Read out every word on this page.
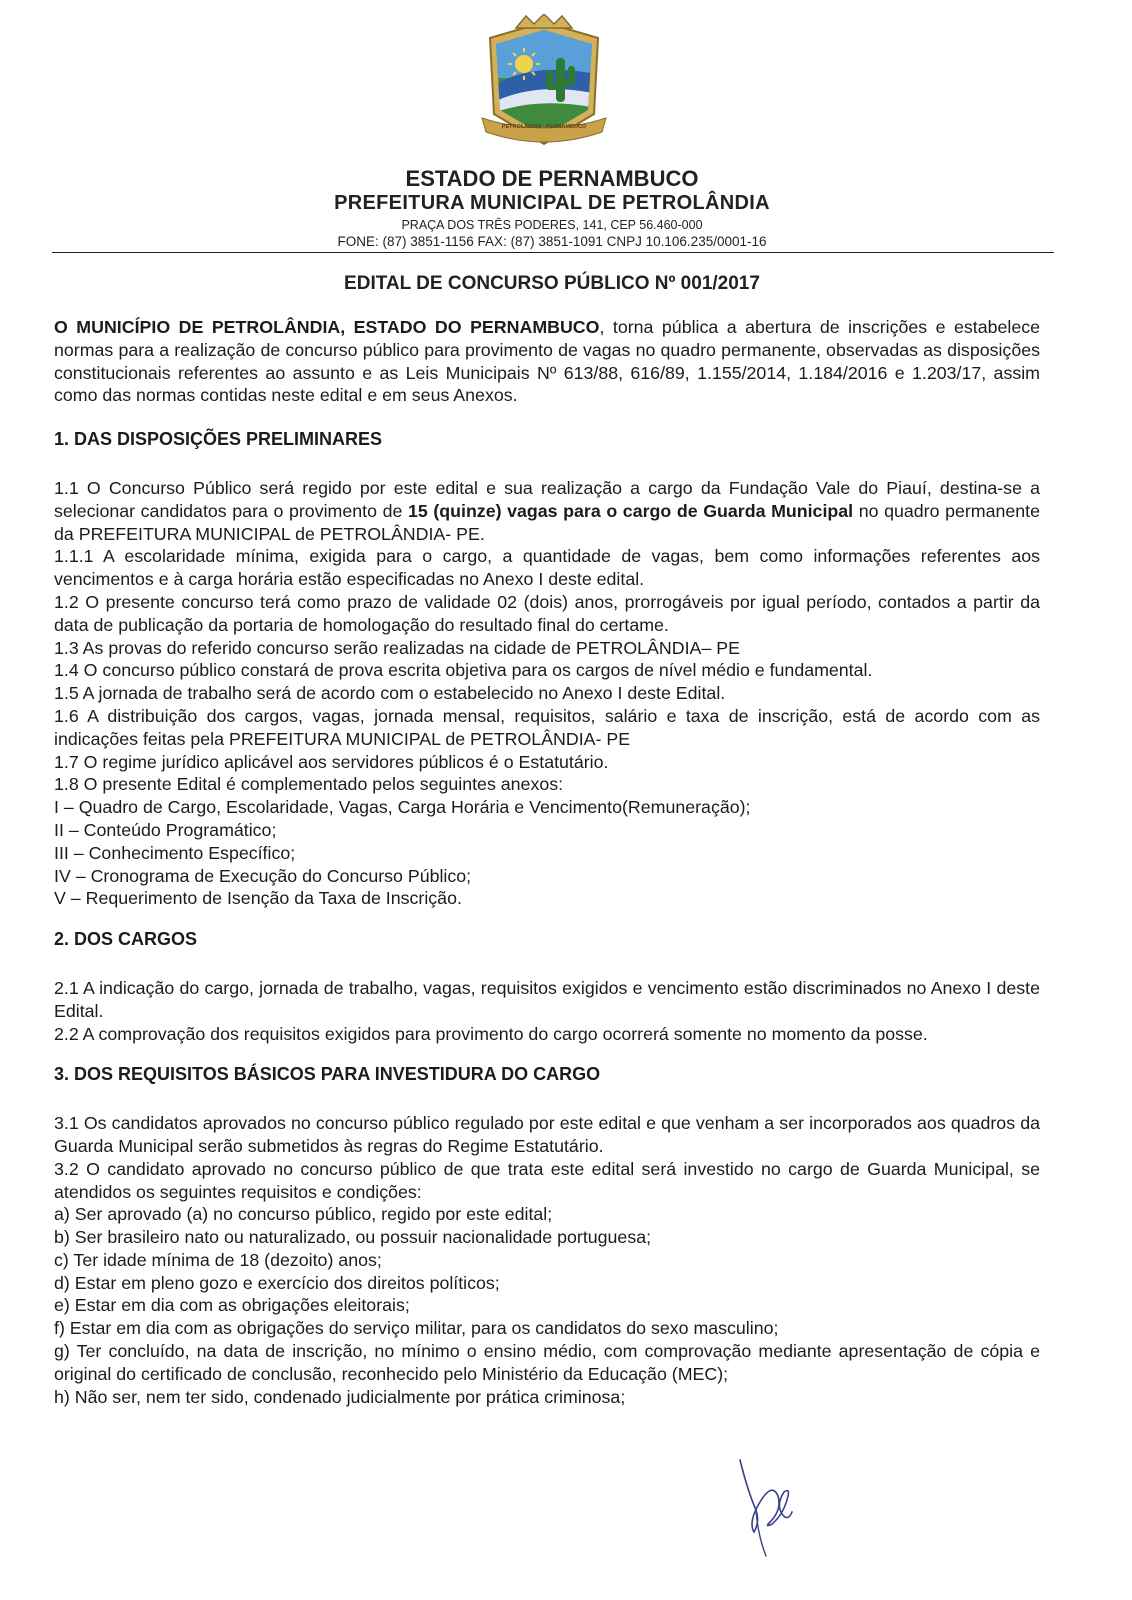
PETROLÂNDIA - PERNAMBUCO
ESTADO DE PERNAMBUCO
PREFEITURA MUNICIPAL DE PETROLÂNDIA
PRAÇA DOS TRÊS PODERES, 141, CEP 56.460-000
FONE: (87) 3851-1156 FAX: (87) 3851-1091 CNPJ 10.106.235/0001-16
EDITAL DE CONCURSO PÚBLICO Nº 001/2017

O MUNICÍPIO DE PETROLÂNDIA, ESTADO DO PERNAMBUCO, torna pública a abertura de inscrições e estabelece normas para a realização de concurso público para provimento de vagas no quadro permanente, observadas as disposições constitucionais referentes ao assunto e as Leis Municipais Nº 613/88, 616/89, 1.155/2014, 1.184/2016 e 1.203/17, assim como das normas contidas neste edital e em seus Anexos.

1. DAS DISPOSIÇÕES PRELIMINARES

1.1 O Concurso Público será regido por este edital e sua realização a cargo da Fundação Vale do Piauí, destina-se a selecionar candidatos para o provimento de 15 (quinze) vagas para o cargo de Guarda Municipal no quadro permanente da PREFEITURA MUNICIPAL de PETROLÂNDIA- PE.

1.1.1 A escolaridade mínima, exigida para o cargo, a quantidade de vagas, bem como informações referentes aos vencimentos e à carga horária estão especificadas no Anexo I deste edital.

1.2 O presente concurso terá como prazo de validade 02 (dois) anos, prorrogáveis por igual período, contados a partir da data de publicação da portaria de homologação do resultado final do certame.

1.3 As provas do referido concurso serão realizadas na cidade de PETROLÂNDIA– PE

1.4 O concurso público constará de prova escrita objetiva para os cargos de nível médio e fundamental.

1.5 A jornada de trabalho será de acordo com o estabelecido no Anexo I deste Edital.

1.6 A distribuição dos cargos, vagas, jornada mensal, requisitos, salário e taxa de inscrição, está de acordo com as indicações feitas pela PREFEITURA MUNICIPAL de PETROLÂNDIA- PE

1.7 O regime jurídico aplicável aos servidores públicos é o Estatutário.

1.8 O presente Edital é complementado pelos seguintes anexos:

I – Quadro de Cargo, Escolaridade, Vagas, Carga Horária e Vencimento(Remuneração);

II – Conteúdo Programático;

III – Conhecimento Específico;

IV – Cronograma de Execução do Concurso Público;

V – Requerimento de Isenção da Taxa de Inscrição.

2. DOS CARGOS

2.1 A indicação do cargo, jornada de trabalho, vagas, requisitos exigidos e vencimento estão discriminados no Anexo I deste Edital.

2.2 A comprovação dos requisitos exigidos para provimento do cargo ocorrerá somente no momento da posse.

3. DOS REQUISITOS BÁSICOS PARA INVESTIDURA DO CARGO

3.1 Os candidatos aprovados no concurso público regulado por este edital e que venham a ser incorporados aos quadros da Guarda Municipal serão submetidos às regras do Regime Estatutário.

3.2 O candidato aprovado no concurso público de que trata este edital será investido no cargo de Guarda Municipal, se atendidos os seguintes requisitos e condições:

a) Ser aprovado (a) no concurso público, regido por este edital;

b) Ser brasileiro nato ou naturalizado, ou possuir nacionalidade portuguesa;

c) Ter idade mínima de 18 (dezoito) anos;

d) Estar em pleno gozo e exercício dos direitos políticos;

e) Estar em dia com as obrigações eleitorais;

f) Estar em dia com as obrigações do serviço militar, para os candidatos do sexo masculino;

g) Ter concluído, na data de inscrição, no mínimo o ensino médio, com comprovação mediante apresentação de cópia e original do certificado de conclusão, reconhecido pelo Ministério da Educação (MEC);

h) Não ser, nem ter sido, condenado judicialmente por prática criminosa;
